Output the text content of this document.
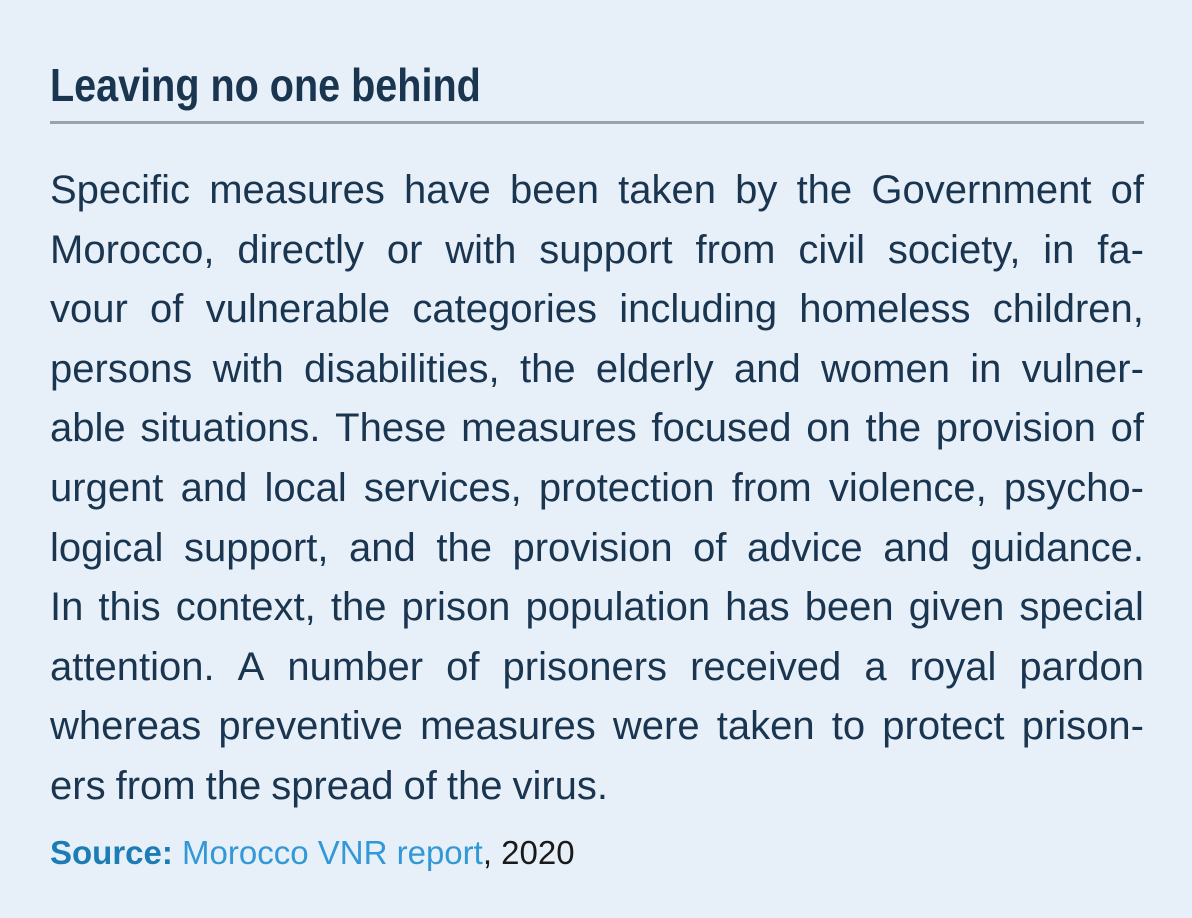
Leaving no one behind
Specific measures have been taken by the Government of
Morocco, directly or with support from civil society, in fa-
vour of vulnerable categories including homeless children,
persons with disabilities, the elderly and women in vulner-
able situations. These measures focused on the provision of
urgent and local services, protection from violence, psycho-
logical support, and the provision of advice and guidance.
In this context, the prison population has been given special
attention. A number of prisoners received a royal pardon
whereas preventive measures were taken to protect prison-
ers from the spread of the virus.
Source: Morocco VNR report, 2020
